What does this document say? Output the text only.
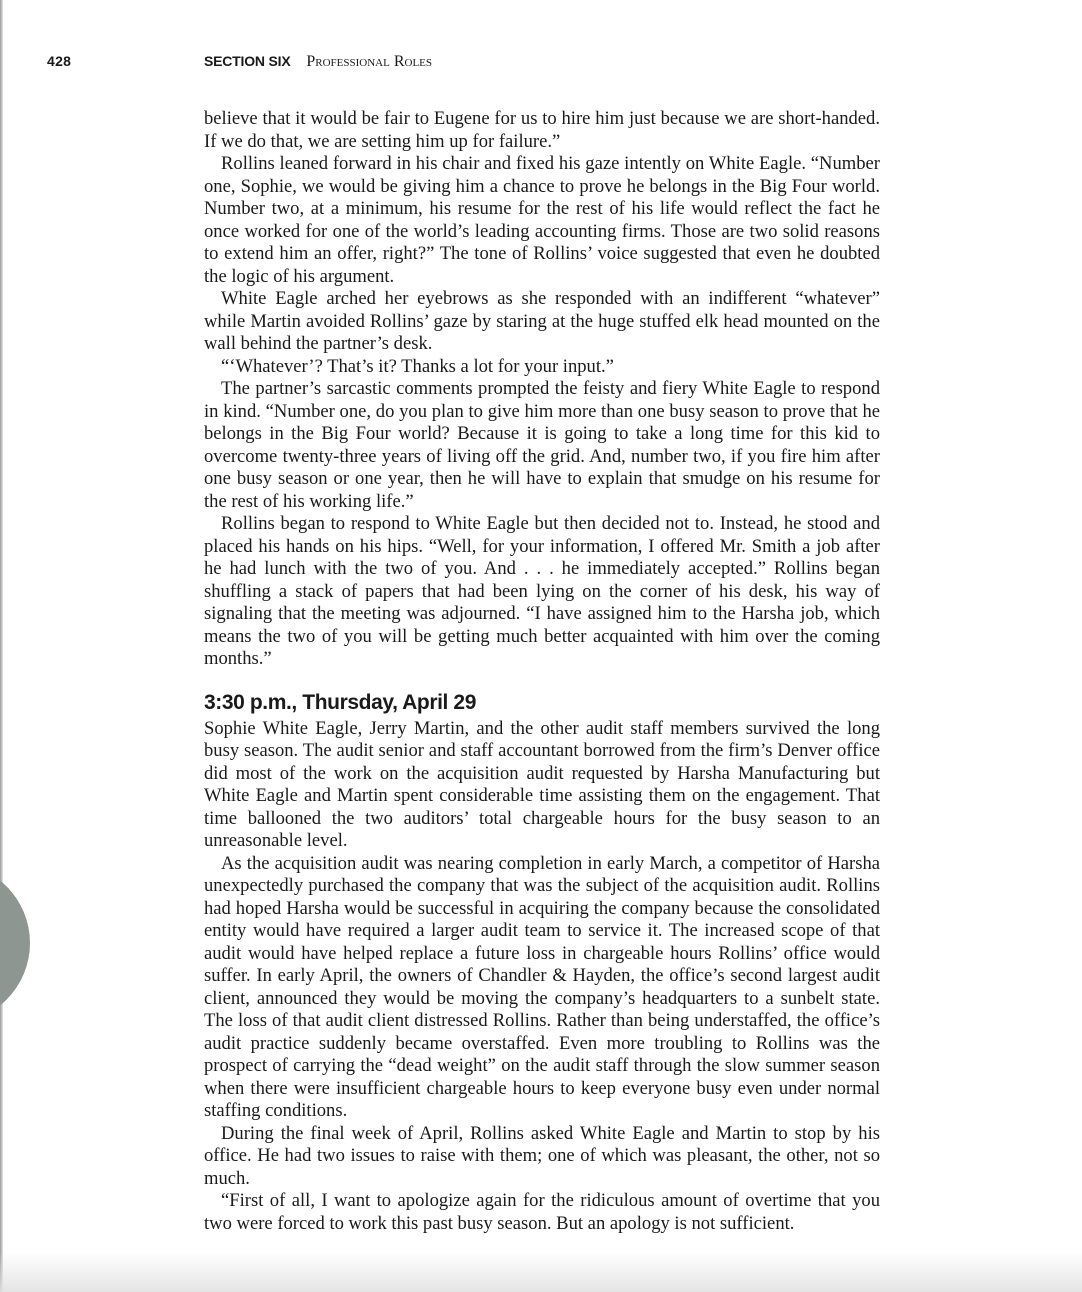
428	SECTION SIX Professional Roles

believe that it would be fair to Eugene for us to hire him just because we are short-handed. If we do that, we are setting him up for failure.”

Rollins leaned forward in his chair and fixed his gaze intently on White Eagle. “Number one, Sophie, we would be giving him a chance to prove he belongs in the Big Four world. Number two, at a minimum, his resume for the rest of his life would reflect the fact he once worked for one of the world’s leading accounting firms. Those are two solid reasons to extend him an offer, right?” The tone of Rollins’ voice suggested that even he doubted the logic of his argument.

White Eagle arched her eyebrows as she responded with an indifferent “whatever” while Martin avoided Rollins’ gaze by staring at the huge stuffed elk head mounted on the wall behind the partner’s desk.

“‘Whatever’? That’s it? Thanks a lot for your input.”

The partner’s sarcastic comments prompted the feisty and fiery White Eagle to respond in kind. “Number one, do you plan to give him more than one busy season to prove that he belongs in the Big Four world? Because it is going to take a long time for this kid to overcome twenty-three years of living off the grid. And, number two, if you fire him after one busy season or one year, then he will have to explain that smudge on his resume for the rest of his working life.”

Rollins began to respond to White Eagle but then decided not to. Instead, he stood and placed his hands on his hips. “Well, for your information, I offered Mr. Smith a job after he had lunch with the two of you. And . . . he immediately accepted.” Rollins began shuffling a stack of papers that had been lying on the corner of his desk, his way of signaling that the meeting was adjourned. “I have assigned him to the Harsha job, which means the two of you will be getting much better acquainted with him over the coming months.”

3:30 p.m., Thursday, April 29

Sophie White Eagle, Jerry Martin, and the other audit staff members survived the long busy season. The audit senior and staff accountant borrowed from the firm’s Denver office did most of the work on the acquisition audit requested by Harsha Manufacturing but White Eagle and Martin spent considerable time assisting them on the engagement. That time ballooned the two auditors’ total chargeable hours for the busy season to an unreasonable level.

As the acquisition audit was nearing completion in early March, a competitor of Harsha unexpectedly purchased the company that was the subject of the acquisition audit. Rollins had hoped Harsha would be successful in acquiring the company because the consolidated entity would have required a larger audit team to service it. The increased scope of that audit would have helped replace a future loss in chargeable hours Rollins’ office would suffer. In early April, the owners of Chandler & Hayden, the office’s second largest audit client, announced they would be moving the company’s headquarters to a sunbelt state. The loss of that audit client distressed Rollins. Rather than being understaffed, the office’s audit practice suddenly became overstaffed. Even more troubling to Rollins was the prospect of carrying the “dead weight” on the audit staff through the slow summer season when there were insufficient chargeable hours to keep everyone busy even under normal staffing conditions.

During the final week of April, Rollins asked White Eagle and Martin to stop by his office. He had two issues to raise with them; one of which was pleasant, the other, not so much.

“First of all, I want to apologize again for the ridiculous amount of overtime that you two were forced to work this past busy season. But an apology is not sufficient.
